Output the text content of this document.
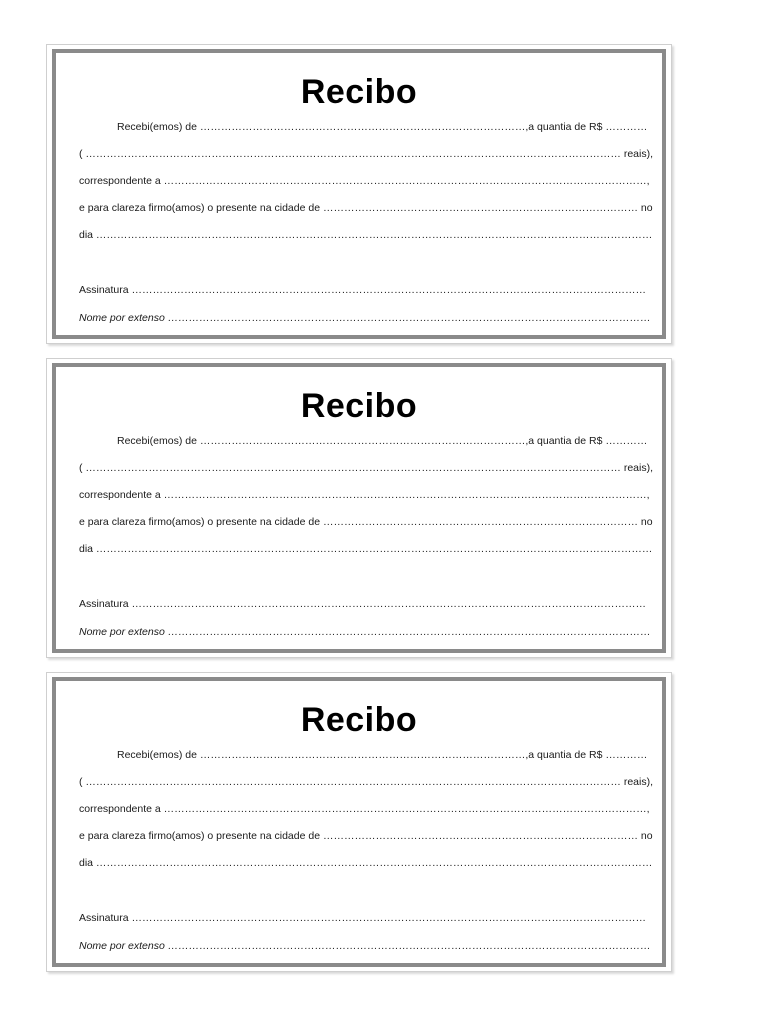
Recibo
Recebi(emos) de …………………………………………………………………………………,a quantia de R$ …………
( ……………………………………………………………………………………………………………………………………… reais),
correspondente a …………………………………………………………………………………………………………………………,
e para clareza firmo(amos) o presente na cidade de ……………………………………………………………………………… no
dia ……………………………………………………………………………………………………………………………………………
Assinatura …………………………………………………………………………………………………………………………………
Nome por extenso …………………………………………………………………………………………………………………………
Recibo
Recebi(emos) de …………………………………………………………………………………,a quantia de R$ …………
( ……………………………………………………………………………………………………………………………………… reais),
correspondente a …………………………………………………………………………………………………………………………,
e para clareza firmo(amos) o presente na cidade de ……………………………………………………………………………… no
dia ……………………………………………………………………………………………………………………………………………
Assinatura …………………………………………………………………………………………………………………………………
Nome por extenso …………………………………………………………………………………………………………………………
Recibo
Recebi(emos) de …………………………………………………………………………………,a quantia de R$ …………
( ……………………………………………………………………………………………………………………………………… reais),
correspondente a …………………………………………………………………………………………………………………………,
e para clareza firmo(amos) o presente na cidade de ……………………………………………………………………………… no
dia ……………………………………………………………………………………………………………………………………………
Assinatura …………………………………………………………………………………………………………………………………
Nome por extenso …………………………………………………………………………………………………………………………
